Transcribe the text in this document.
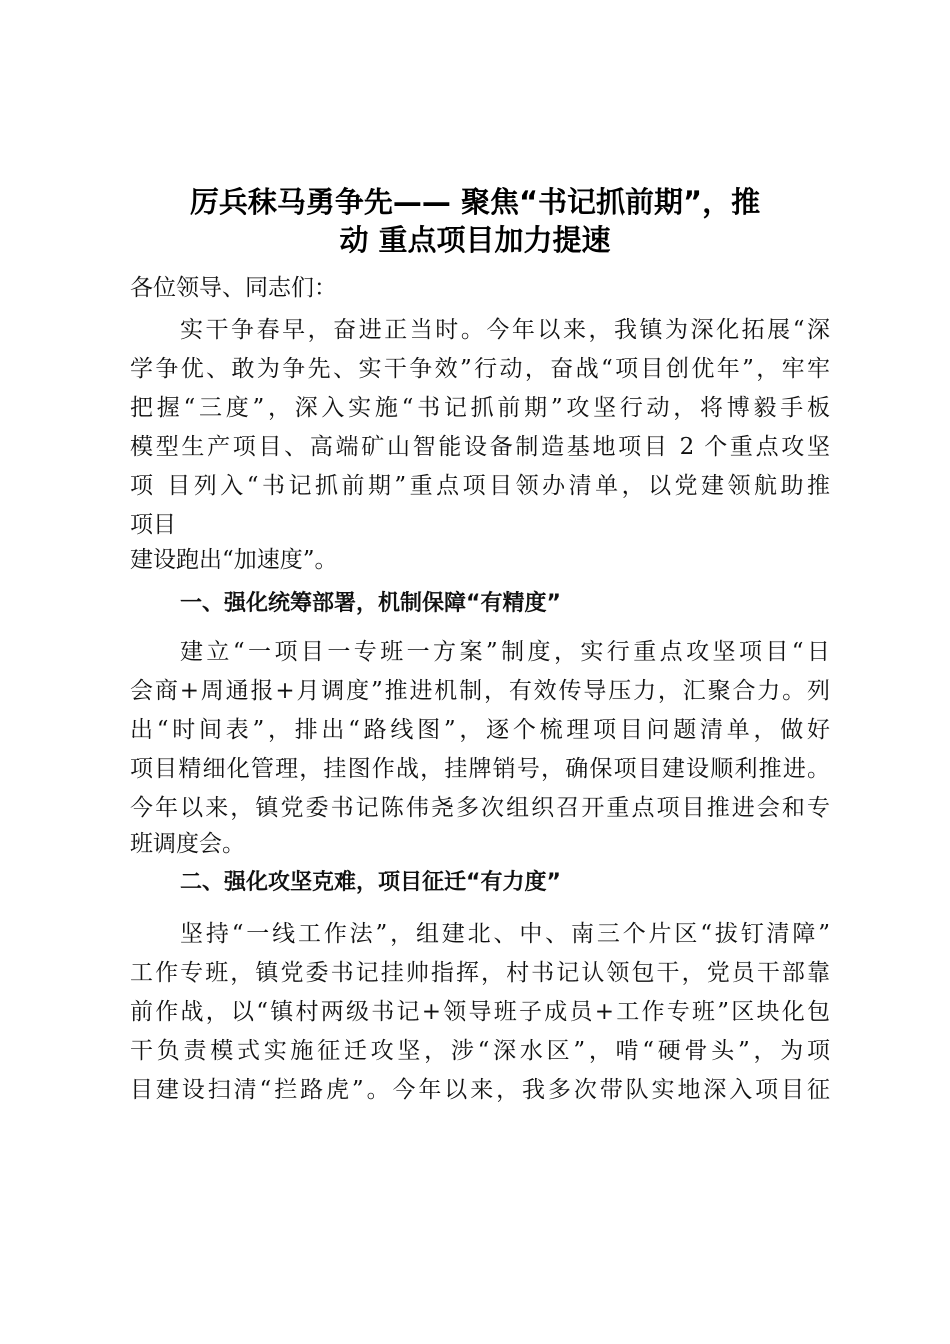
厉兵秣马勇争先—— 聚焦“书记抓前期”，推
动 重点项目加力提速
各位领导、同志们：
实干争春早，奋进正当时。今年以来，我镇为深化拓展“深
学争优、敢为争先、实干争效”行动，奋战“项目创优年”，牢牢
把握“三度”，深入实施“书记抓前期”攻坚行动，将博毅手板
模型生产项目、高端矿山智能设备制造基地项目 2 个重点攻坚
项 目列入“书记抓前期”重点项目领办清单，以党建领航助推
项目
建设跑出“加速度”。
一、强化统筹部署，机制保障“有精度”
建立“一项目一专班一方案”制度，实行重点攻坚项目“日
会商+周通报+月调度”推进机制，有效传导压力，汇聚合力。列
出“时间表”，排出“路线图”，逐个梳理项目问题清单，做好
项目精细化管理，挂图作战，挂牌销号，确保项目建设顺利推进。
今年以来，镇党委书记陈伟尧多次组织召开重点项目推进会和专
班调度会。
二、强化攻坚克难，项目征迁“有力度”
坚持“一线工作法”，组建北、中、南三个片区“拔钉清障”
工作专班，镇党委书记挂帅指挥，村书记认领包干，党员干部靠
前作战，以“镇村两级书记+领导班子成员+工作专班”区块化包
干负责模式实施征迁攻坚，涉“深水区”，啃“硬骨头”，为项
目建设扫清“拦路虎”。今年以来，我多次带队实地深入项目征
